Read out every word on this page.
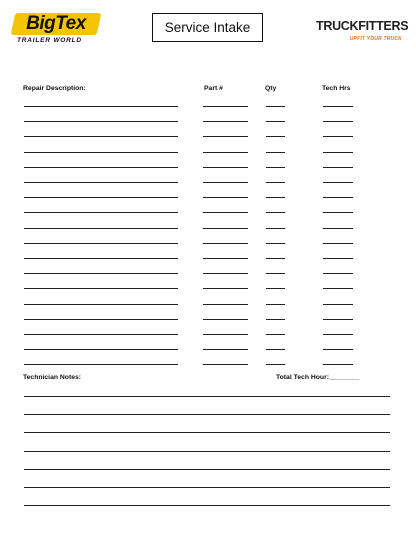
BigTex
TRAILER WORLD
Service Intake	TRUCKFITTERS
UPFIT YOUR TRUCK
Repair Description:	Part #	Qty	Tech Hrs
Technician Notes:	Total Tech Hour:________
